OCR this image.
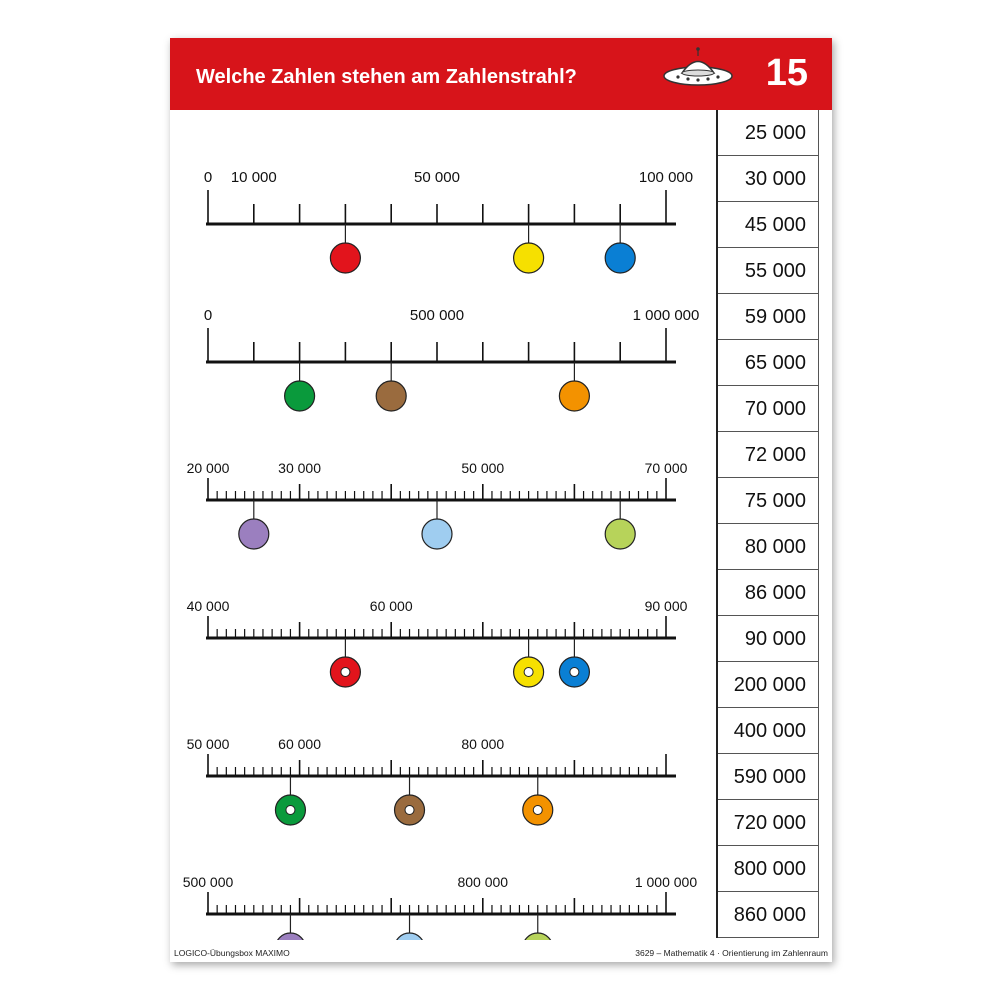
Welche Zahlen stehen am Zahlenstrahl?	15
0 10 000	50 000	100 000
0	500 000	1 000 000
20 000	30 000	50 000	70 000
40 000	60 000	90 000
50 000	60 000	80 000
500 000	800 000	1 000 000
25 000
30 000
45 000
55 000
59 000
65 000
70 000
72 000
75 000
80 000
86 000
90 000
200 000
400 000
590 000
720 000
800 000
860 000
LOGICO-Übungsbox MAXIMO	3629 – Mathematik 4 · Orientierung im Zahlenraum
